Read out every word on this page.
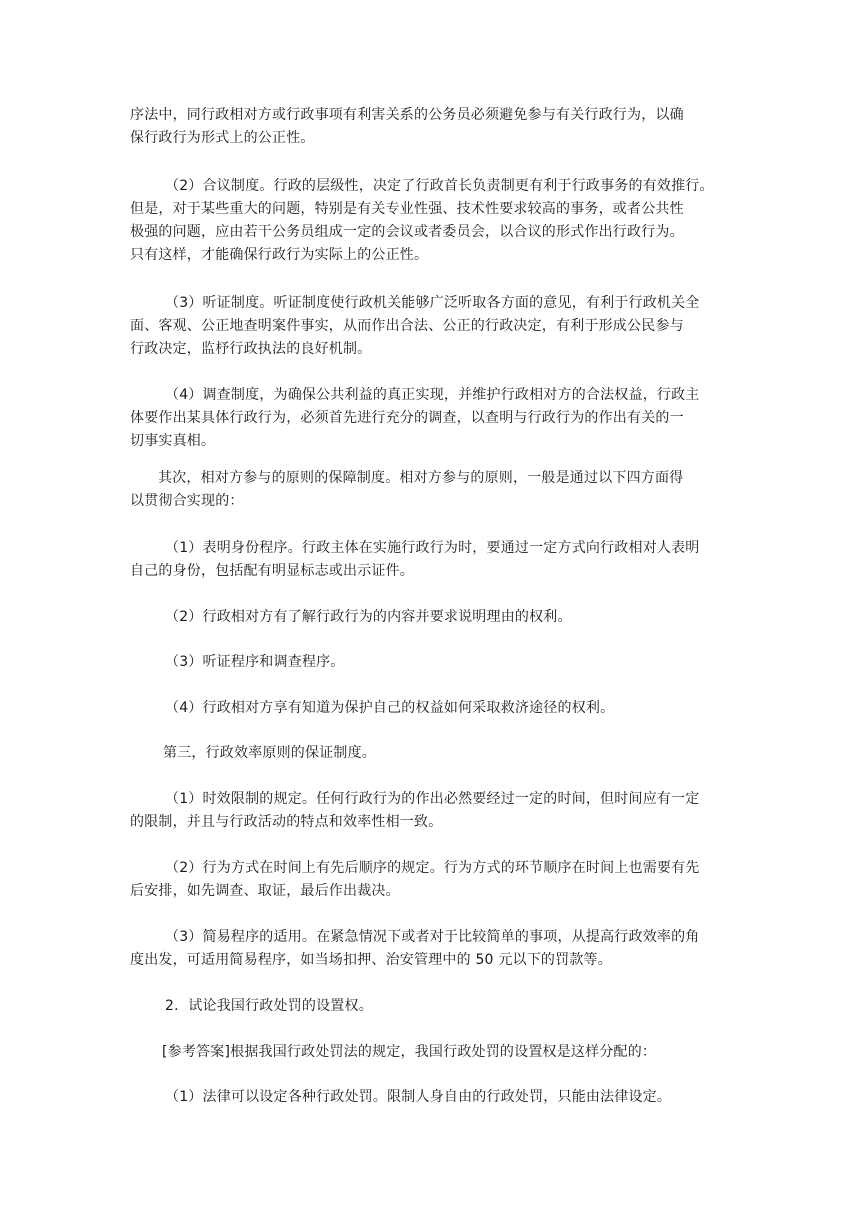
序法中，同行政相对方或行政事项有利害关系的公务员必须避免参与有关行政行为，以确
保行政行为形式上的公正性。
（2）合议制度。行政的层级性，决定了行政首长负责制更有利于行政事务的有效推行。
但是，对于某些重大的问题，特别是有关专业性强、技术性要求较高的事务，或者公共性
极强的问题，应由若干公务员组成一定的会议或者委员会，以合议的形式作出行政行为。
只有这样，才能确保行政行为实际上的公正性。
（3）听证制度。听证制度使行政机关能够广泛听取各方面的意见，有利于行政机关全
面、客观、公正地查明案件事实，从而作出合法、公正的行政决定，有利于形成公民参与
行政决定，监杼行政执法的良好机制。
（4）调查制度，为确保公共利益的真正实现，并维护行政相对方的合法权益，行政主
体要作出某具体行政行为，必须首先进行充分的调查，以查明与行政行为的作出有关的一
切事实真相。
其次，相对方参与的原则的保障制度。相对方参与的原则，一般是通过以下四方面得
以贯彻合实现的：
（1）表明身份程序。行政主体在实施行政行为时，要通过一定方式向行政相对人表明
自己的身份，包括配有明显标志或出示证件。
（2）行政相对方有了解行政行为的内容并要求说明理由的权利。
（3）听证程序和调查程序。
（4）行政相对方享有知道为保护自己的权益如何采取救济途径的权利。
第三，行政效率原则的保证制度。
（1）时效限制的规定。任何行政行为的作出必然要经过一定的时间，但时间应有一定
的限制，并且与行政活动的特点和效率性相一致。
（2）行为方式在时间上有先后顺序的规定。行为方式的环节顺序在时间上也需要有先
后安排，如先调查、取证，最后作出裁决。
（3）简易程序的适用。在紧急情况下或者对于比较简单的事项，从提高行政效率的角
度出发，可适用简易程序，如当场扣押、治安管理中的 50 元以下的罚款等。
2．试论我国行政处罚的设置权。
[参考答案]根据我国行政处罚法的规定，我国行政处罚的设置权是这样分配的：
（1）法律可以设定各种行政处罚。限制人身自由的行政处罚，只能由法律设定。
